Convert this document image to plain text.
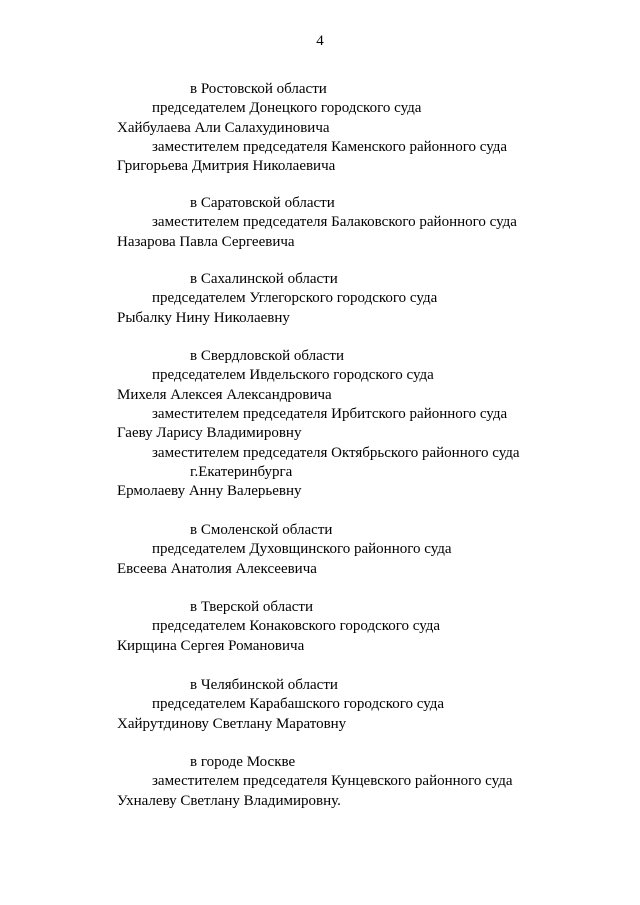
4
в Ростовской области
председателем Донецкого городского суда
Хайбулаева Али Салахудиновича
заместителем председателя Каменского районного суда
Григорьева Дмитрия Николаевича
в Саратовской области
заместителем председателя Балаковского районного суда
Назарова Павла Сергеевича
в Сахалинской области
председателем Углегорского городского суда
Рыбалку Нину Николаевну
в Свердловской области
председателем Ивдельского городского суда
Михеля Алексея Александровича
заместителем председателя Ирбитского районного суда
Гаеву Ларису Владимировну
заместителем председателя Октябрьского районного суда
г.Екатеринбурга
Ермолаеву Анну Валерьевну
в Смоленской области
председателем Духовщинского районного суда
Евсеева Анатолия Алексеевича
в Тверской области
председателем Конаковского городского суда
Кирщина Сергея Романовича
в Челябинской области
председателем Карабашского городского суда
Хайрутдинову Светлану Маратовну
в городе Москве
заместителем председателя Кунцевского районного суда
Ухналеву Светлану Владимировну.
